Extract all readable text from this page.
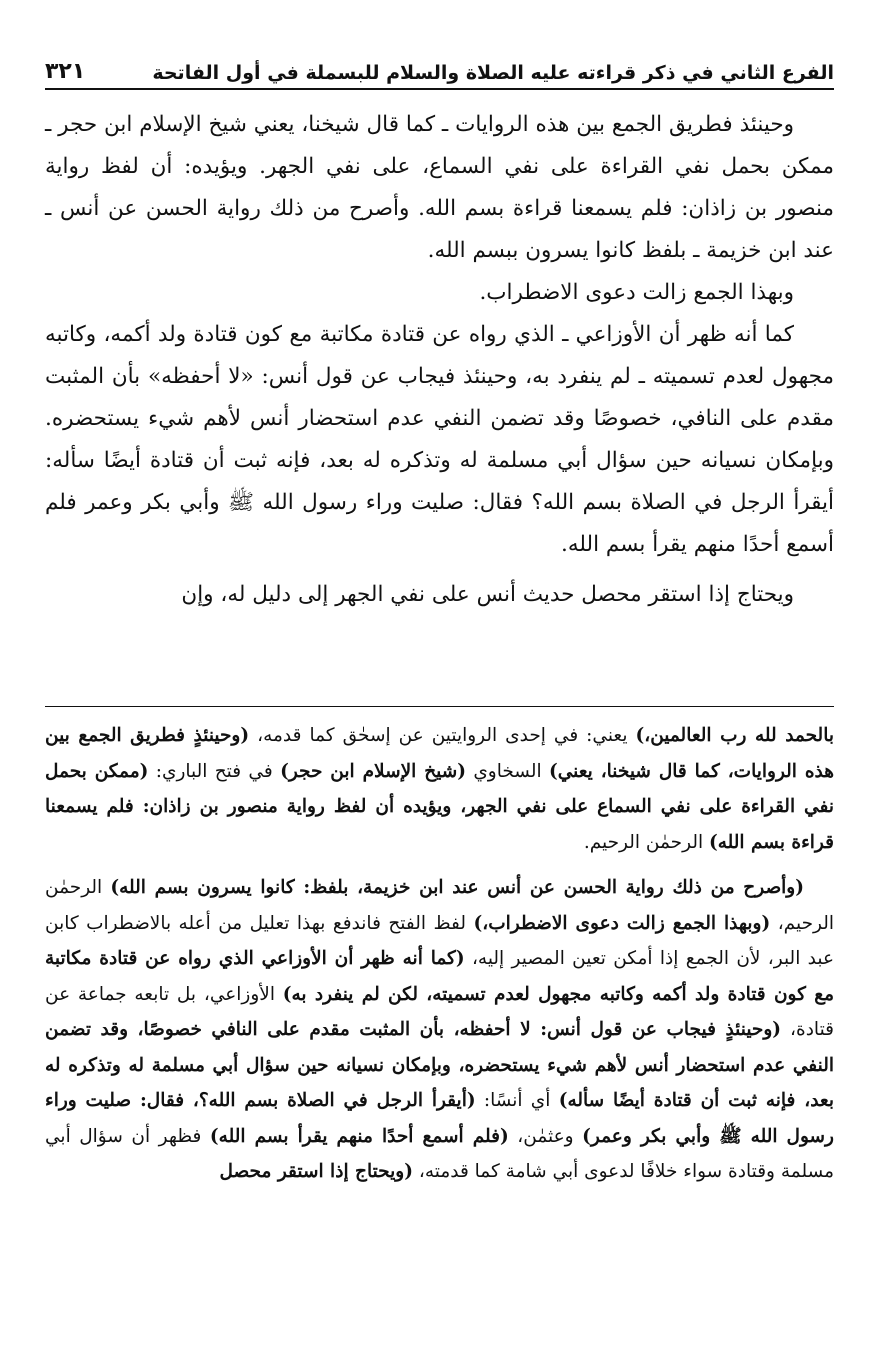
الفرع الثاني في ذكر قراءته عليه الصلاة والسلام للبسملة في أول الفاتحة
٣٢١

وحينئذ فطريق الجمع بين هذه الروايات ـ كما قال شيخنا، يعني شيخ الإسلام ابن حجر ـ ممكن بحمل نفي القراءة على نفي السماع، على نفي الجهر. ويؤيده: أن لفظ رواية منصور بن زاذان: فلم يسمعنا قراءة بسم الله. وأصرح من ذلك رواية الحسن عن أنس ـ عند ابن خزيمة ـ بلفظ كانوا يسرون ببسم الله.

وبهذا الجمع زالت دعوى الاضطراب.

كما أنه ظهر أن الأوزاعي ـ الذي رواه عن قتادة مكاتبة مع كون قتادة ولد أكمه، وكاتبه مجهول لعدم تسميته ـ لم ينفرد به، وحينئذ فيجاب عن قول أنس: «لا أحفظه» بأن المثبت مقدم على النافي، خصوصًا وقد تضمن النفي عدم استحضار أنس لأهم شيء يستحضره. وبإمكان نسيانه حين سؤال أبي مسلمة له وتذكره له بعد، فإنه ثبت أن قتادة أيضًا سأله: أيقرأ الرجل في الصلاة بسم الله؟ فقال: صليت وراء رسول الله ﷺ وأبي بكر وعمر فلم أسمع أحدًا منهم يقرأ بسم الله.

ويحتاج إذا استقر محصل حديث أنس على نفي الجهر إلى دليل له، وإن

بالحمد لله رب العالمين،) يعني: في إحدى الروايتين عن إسحٰق كما قدمه، (وحينئذٍ فطريق الجمع بين هذه الروايات، كما قال شيخنا، يعني) السخاوي (شيخ الإسلام ابن حجر) في فتح الباري: (ممكن بحمل نفي القراءة على نفي السماع على نفي الجهر، ويؤيده أن لفظ رواية منصور بن زاذان: فلم يسمعنا قراءة بسم الله) الرحمٰن الرحيم.

(وأصرح من ذلك رواية الحسن عن أنس عند ابن خزيمة، بلفظ: كانوا يسرون بسم الله) الرحمٰن الرحيم، (وبهذا الجمع زالت دعوى الاضطراب،) لفظ الفتح فاندفع بهذا تعليل من أعله بالاضطراب كابن عبد البر، لأن الجمع إذا أمكن تعين المصير إليه، (كما أنه ظهر أن الأوزاعي الذي رواه عن قتادة مكاتبة مع كون قتادة ولد أكمه وكاتبه مجهول لعدم تسميته، لكن لم ينفرد به) الأوزاعي، بل تابعه جماعة عن قتادة، (وحينئذٍ فيجاب عن قول أنس: لا أحفظه، بأن المثبت مقدم على النافي خصوصًا، وقد تضمن النفي عدم استحضار أنس لأهم شيء يستحضره، وبإمكان نسيانه حين سؤال أبي مسلمة له وتذكره له بعد، فإنه ثبت أن قتادة أيضًا سأله) أي أنسًا: (أيقرأ الرجل في الصلاة بسم الله؟، فقال: صليت وراء رسول الله ﷺ وأبي بكر وعمر) وعثمٰن، (فلم أسمع أحدًا منهم يقرأ بسم الله) فظهر أن سؤال أبي مسلمة وقتادة سواء خلافًا لدعوى أبي شامة كما قدمته، (ويحتاج إذا استقر محصل
